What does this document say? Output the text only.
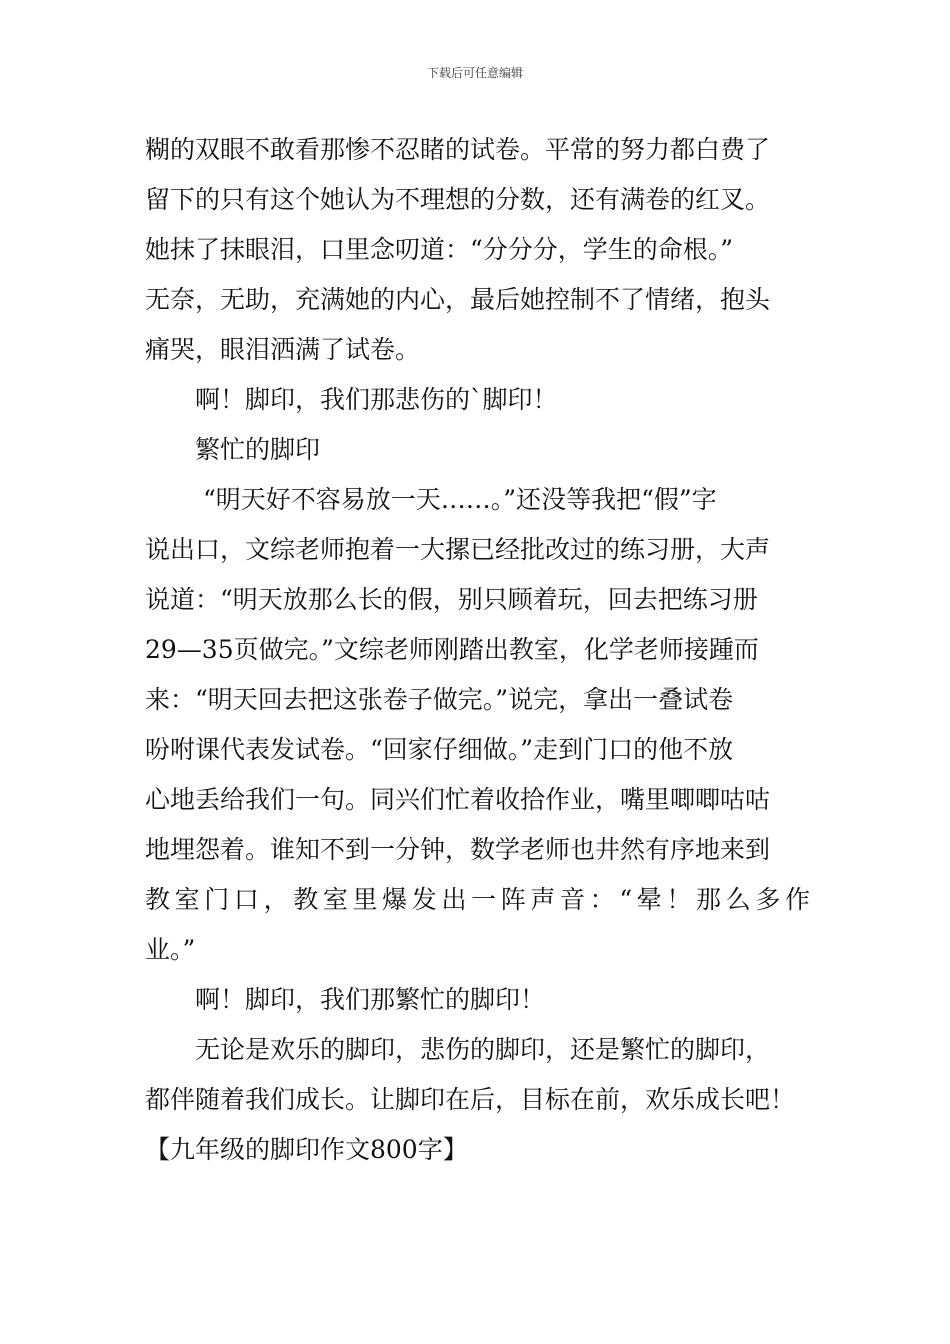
下载后可任意编辑
糊的双眼不敢看那惨不忍睹的试卷。平常的努力都白费了
留下的只有这个她认为不理想的分数，还有满卷的红叉。
她抹了抹眼泪，口里念叨道：“分分分，学生的命根。”
无奈，无助，充满她的内心，最后她控制不了情绪，抱头
痛哭，眼泪洒满了试卷。
啊！脚印，我们那悲伤的`脚印！
繁忙的脚印
“明天好不容易放一天……。”还没等我把“假”字
说出口，文综老师抱着一大摞已经批改过的练习册，大声
说道：“明天放那么长的假，别只顾着玩，回去把练习册
29—35页做完。”文综老师刚踏出教室，化学老师接踵而
来：“明天回去把这张卷子做完。”说完，拿出一叠试卷
吩咐课代表发试卷。“回家仔细做。”走到门口的他不放
心地丢给我们一句。同兴们忙着收拾作业，嘴里唧唧咕咕
地埋怨着。谁知不到一分钟，数学老师也井然有序地来到
教室门口，教室里爆发出一阵声音：“晕！那么多作
业。”
啊！脚印，我们那繁忙的脚印！
无论是欢乐的脚印，悲伤的脚印，还是繁忙的脚印，
都伴随着我们成长。让脚印在后，目标在前，欢乐成长吧！
【九年级的脚印作文800字】
